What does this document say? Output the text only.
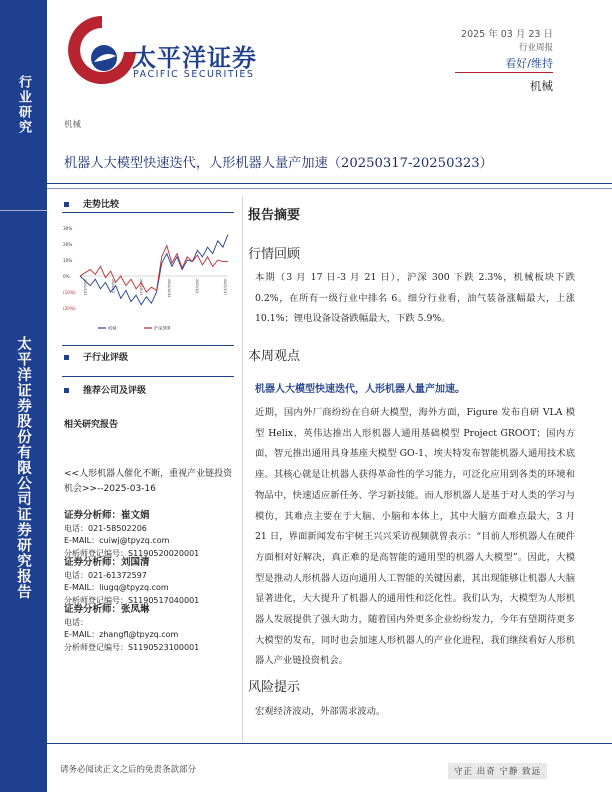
行业研究
太平洋证券股份有限公司证券研究报告
太平洋证券
PACIFIC SECURITIES
2025 年 03 月 23 日
行业周报
看好/维持
机械
机械
机器人大模型快速迭代，人形机器人量产加速（20250317-20250323）
走势比较
30%
20%
10%
0%
(10%)
(20%)
2024/3/22	2024/6/2	2024/8/13	2024/10/24	2025/1/4	2025/3/17
机械	沪深300
子行业评级
推荐公司及评级
相关研究报告
<<人形机器人催化不断，重视产业链投资机会>>--2025-03-16
证券分析师：崔文娟
电话：021-58502206
E-MAIL：cuiwj@tpyzq.com
分析师登记编号：S1190520020001
证券分析师：刘国清
电话：021-61372597
E-MAIL：liugq@tpyzq.com
分析师登记编号：S1190517040001
证券分析师：张凤琳
电话：
E-MAIL：zhangfl@tpyzq.com
分析师登记编号：S1190523100001
报告摘要
行情回顾
本期（3 月 17 日-3 月 21 日），沪深 300 下跌 2.3%，机械板块下跌 0.2%，在所有一级行业中排名 6。细分行业看，油气装备涨幅最大，上涨 10.1%；锂电设备设备跌幅最大，下跌 5.9%。
本周观点
机器人大模型快速迭代，人形机器人量产加速。
近期，国内外厂商纷纷在自研大模型，海外方面，Figure 发布自研 VLA 模型 Helix、英伟达推出人形机器人通用基础模型 Project GROOT；国内方面，智元推出通用具身基座大模型 GO-1、埃夫特发布智能机器人通用技术底座。其核心就是让机器人获得革命性的学习能力，可泛化应用到各类的环境和物品中，快速适应新任务、学习新技能。而人形机器人是基于对人类的学习与模仿，其难点主要在于大脑、小脑和本体上，其中大脑方面难点最大，3 月 21 日，界面新闻发布宇树王兴兴采访视频就曾表示：“目前人形机器人在硬件方面相对好解决，真正难的是高智能的通用型的机器人大模型”。因此，大模型是推动人形机器人迈向通用人工智能的关键因素，其出现能够让机器人大脑显著进化，大大提升了机器人的通用性和泛化性。我们认为，大模型为人形机器人发展提供了强大助力，随着国内外更多企业纷纷发力，今年有望期待更多大模型的发布，同时也会加速人形机器人的产业化进程，我们继续看好人形机器人产业链投资机会。
风险提示
宏观经济波动，外部需求波动。
请务必阅读正文之后的免责条款部分	守正 出奇 宁静 致远
